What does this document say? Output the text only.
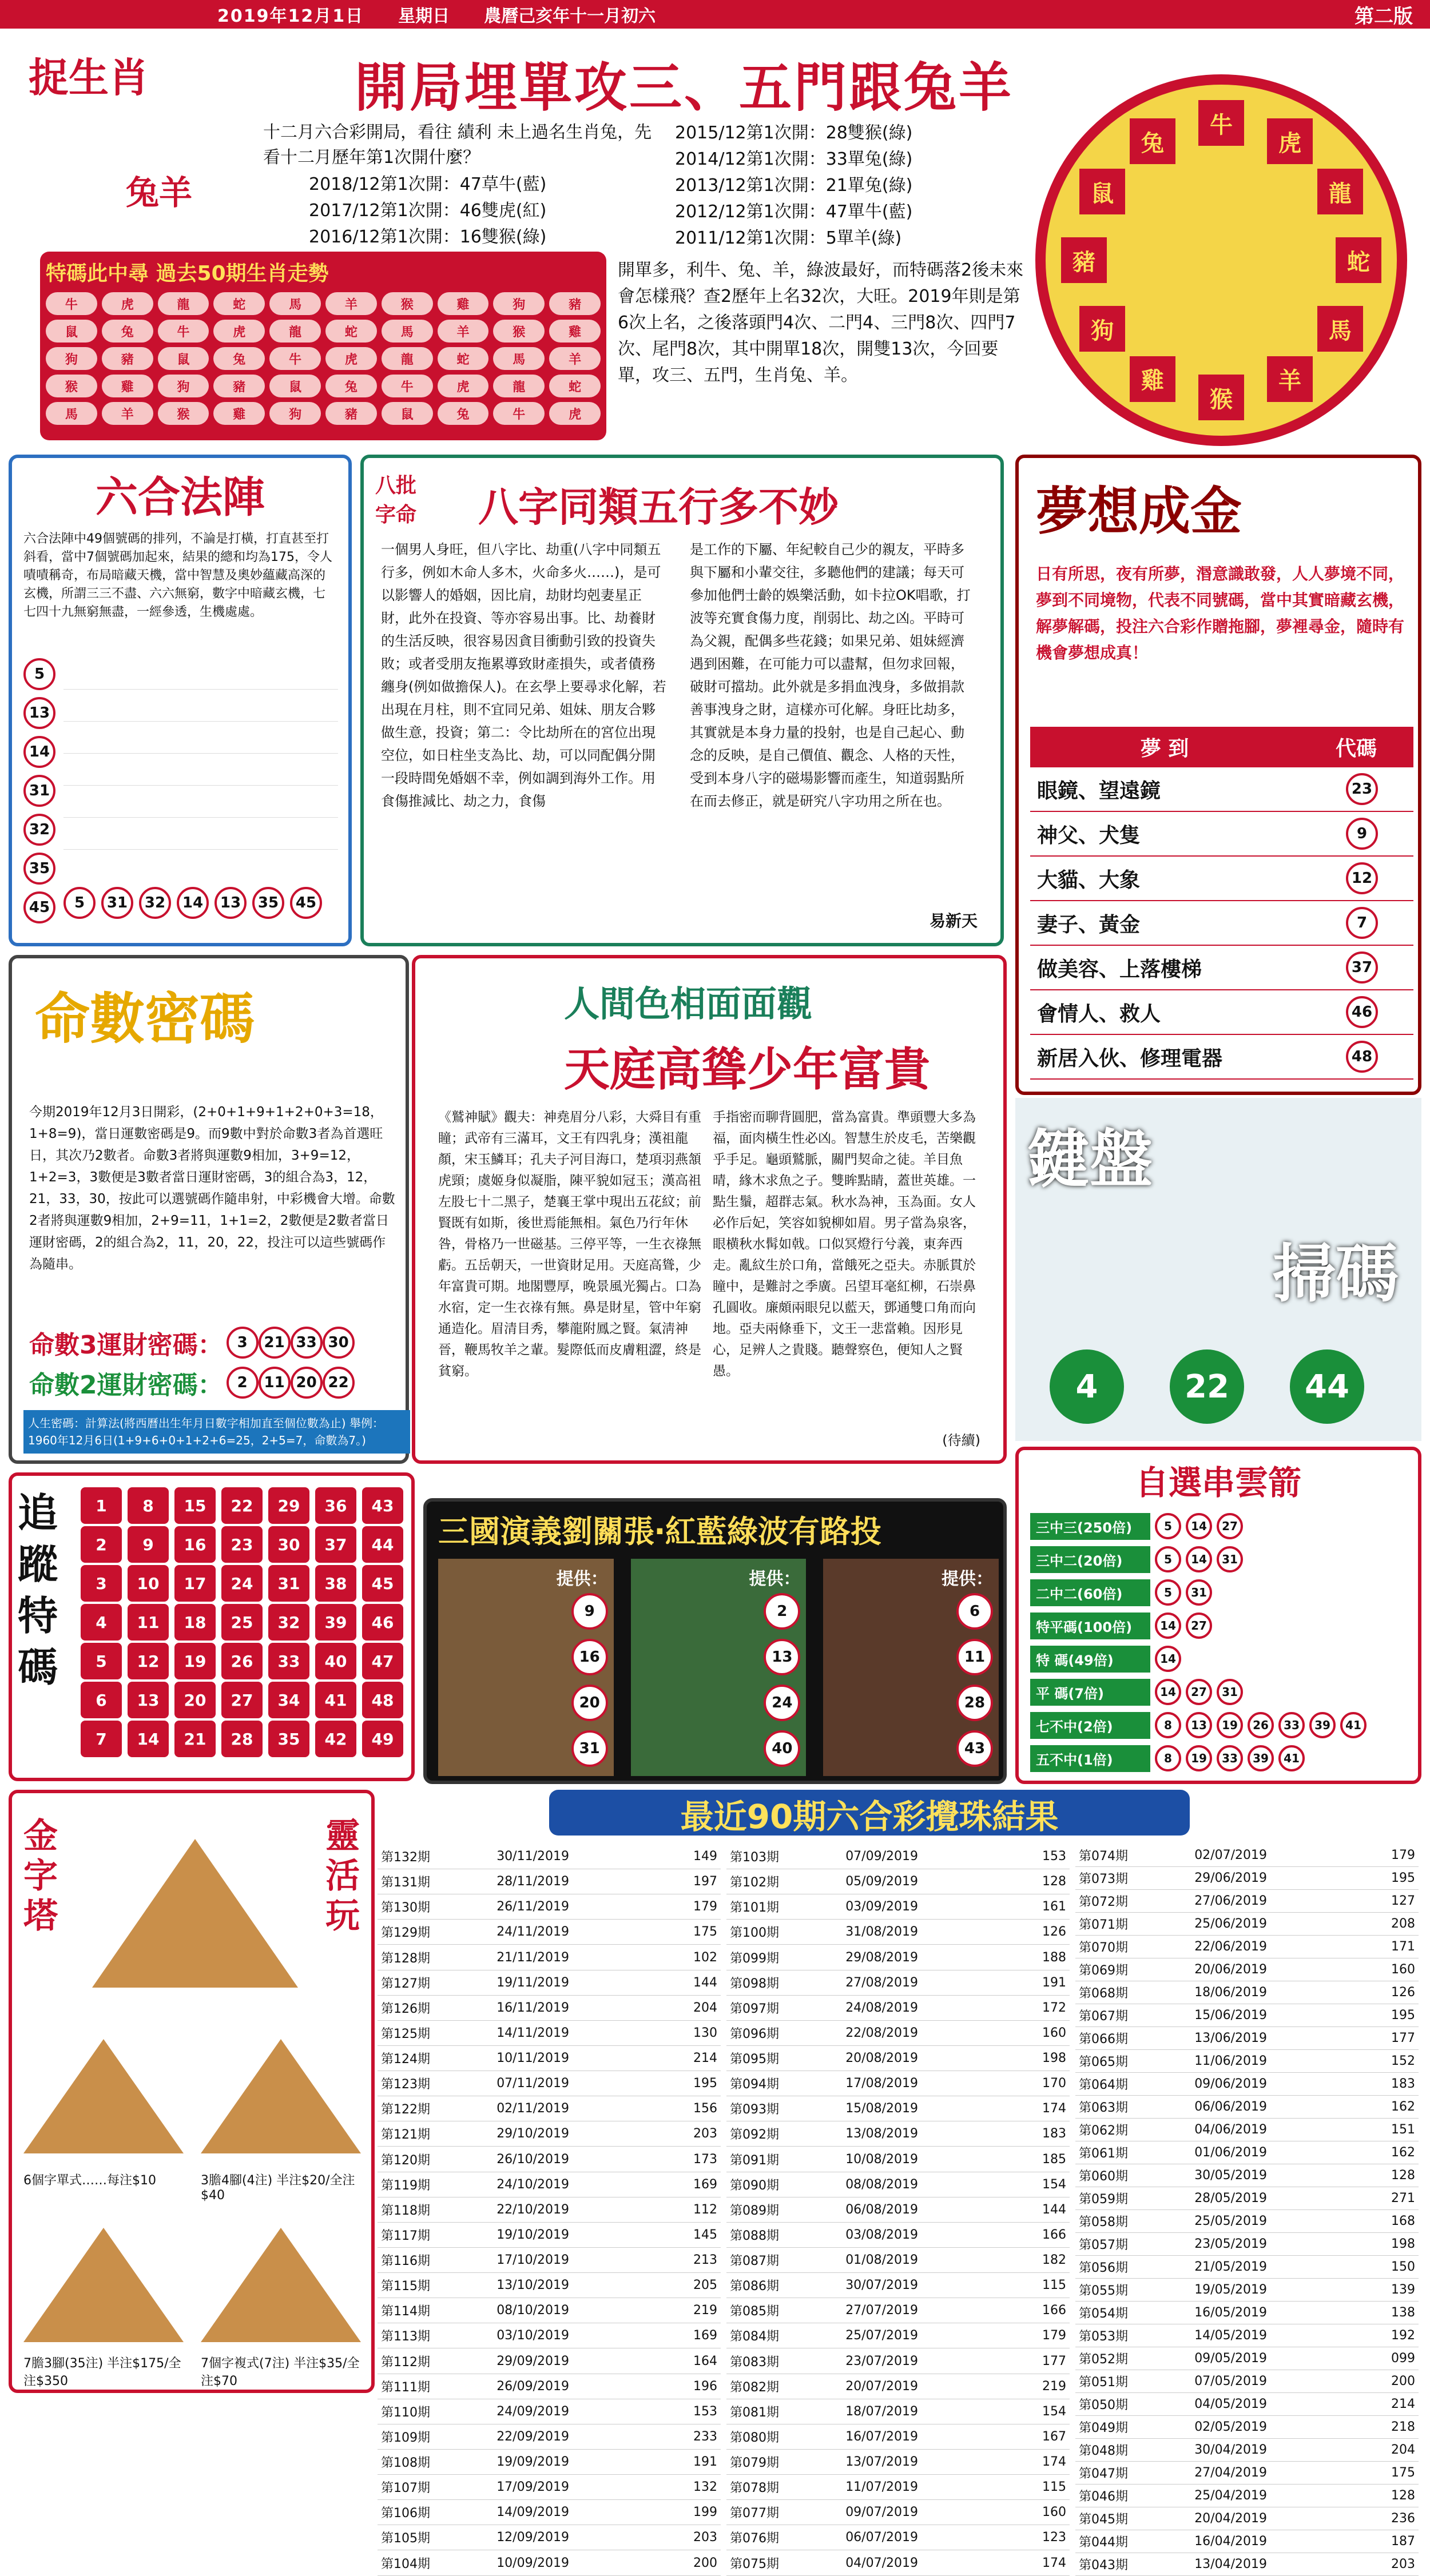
2019年12月1日 星期日 農曆己亥年十一月初六	第二版
捉生肖	開局埋單攻三、五門跟兔羊
兔羊
十二月六合彩開局，看往 績利 未上過名生肖兔，先看十二月歷年第1次開什麼？
2018/12第1次開：47草牛(藍)
2017/12第1次開：46雙虎(紅)
2016/12第1次開：16雙猴(綠)
2015/12第1次開：28雙猴(綠)
2014/12第1次開：33單兔(綠)
2013/12第1次開：21單兔(綠)
2012/12第1次開：47單牛(藍)
2011/12第1次開：5單羊(綠)
開單多，利牛、兔、羊，綠波最好，而特碼落2後未來會怎樣飛？查2歷年上名32次，大旺。2019年則是第6次上名，之後落頭門4次、二門4、三門8次、四門7次、尾門8次，其中開單18次，開雙13次，今回要單，攻三、五門，生肖兔、羊。
特碼此中尋 過去50期生肖走勢
牛	虎	龍	蛇	馬	羊	猴	雞	狗	豬
鼠	兔	牛	虎	龍	蛇	馬	羊	猴	雞
狗	豬	鼠	兔	牛	虎	龍	蛇	馬	羊
猴	雞	狗	豬	鼠	兔	牛	虎	龍	蛇
馬	羊	猴	雞	狗	豬	鼠	兔	牛	虎
牛
虎
龍
蛇
馬
羊
猴
雞
狗
豬
鼠
兔
六合法陣
六合法陣中49個號碼的排列，不論是打橫，打直甚至打斜看，當中7個號碼加起來，結果的總和均為175，令人嘖嘖稱奇，布局暗藏天機，當中智慧及奧妙蘊藏高深的玄機，所謂三三不盡、六六無窮，數字中暗藏玄機，七七四十九無窮無盡，一經參透，生機處處。
5
13
14
31
32
35
45	5	31	32	14	13	35	45
八批字命 八字同類五行多不妙
一個男人身旺，但八字比、劫重(八字中同類五行多，例如木命人多木，火命多火……)，是可以影響人的婚姻，因比肩，劫財均剋妻星正財，此外在投資、等亦容易出事。比、劫養財的生活反映，很容易因貪目衝動引致的投資失敗；或者受朋友拖累導致財產損失，或者債務纏身(例如做擔保人)。在玄學上要尋求化解，若出現在月柱，則不宜同兄弟、姐妹、朋友合夥做生意，投資；第二：令比劫所在的宮位出現空位，如日柱坐支為比、劫，可以同配偶分開一段時間免婚姻不幸，例如調到海外工作。用食傷推減比、劫之力，食傷
是工作的下屬、年紀較自己少的親友，平時多與下屬和小輩交往，多聽他們的建議；每天可參加他們士齡的娛樂活動，如卡拉OK唱歌，打波等充實食傷力度，削弱比、劫之凶。平時可為父親，配偶多些花錢；如果兄弟、姐妹經濟遇到困難，在可能力可以盡幫，但勿求回報，破財可擋劫。此外就是多捐血洩身，多做捐款善事洩身之財，這樣亦可化解。身旺比劫多，其實就是本身力量的投射，也是自己起心、動念的反映，是自己價值、觀念、人格的天性，受到本身八字的磁場影響而產生，知道弱點所在而去修正，就是研究八字功用之所在也。
易新天
夢想成金
日有所思，夜有所夢，湣意識敢發，人人夢境不同，夢到不同境物，代表不同號碼，當中其實暗藏玄機，解夢解碼，投注六合彩作贈拖腳，夢裡尋金，隨時有機會夢想成真！
夢 到	代碼
眼鏡、望遠鏡	23
神父、犬隻	9
大貓、大象	12
妻子、黃金	7
做美容、上落樓梯	37
會情人、救人	46
新居入伙、修理電器	48
命數密碼
今期2019年12月3日開彩，(2+0+1+9+1+2+0+3=18，1+8=9)，當日運數密碼是9。而9數中對於命數3者為首選旺日，其次乃2數者。命數3者將與運數9相加，3+9=12，1+2=3，3數便是3數者當日運財密碼，3的組合為3，12，21，33，30，按此可以選號碼作隨串射，中彩機會大增。命數2者將與運數9相加，2+9=11，1+1=2，2數便是2數者當日運財密碼，2的組合為2，11，20，22，投注可以這些號碼作為隨串。
命數3運財密碼： 3 21 33 30
命數2運財密碼： 2 11 20 22
人生密碼：計算法(將西曆出生年月日數字相加直至個位數為止) 舉例：1960年12月6日(1+9+6+0+1+2+6=25，2+5=7，命數為7。)
人間色相面面觀
天庭高聳少年富貴
《鷲神賦》觀夫：神堯眉分八彩，大舜目有重瞳；武帝有三滿耳，文王有四乳身；漢祖龍顏，宋玉鱗耳；孔夫子河目海口，楚項羽燕頷虎頸；虞姬身似凝脂，陳平貌如冠玉；漢高祖左股七十二黑子，楚襄王掌中現出五花紋；前賢既有如斯，後世焉能無相。氣色乃行年休咎，骨格乃一世磁基。三停平等，一生衣祿無虧。五岳朝天，一世資財足用。天庭高聳，少年富貴可期。地閣豐厚，晚景風光獨占。口為水宿，定一生衣祿有無。鼻是財星，管中年窮通造化。眉清目秀，攀龍附鳳之賢。氣淸神晉，鞭馬牧羊之輩。髮際低而皮膚粗澀，終是貧窮。
手指密而聊背圓肥，當為富貴。準頭豐大多為福，面肉橫生性必凶。智慧生於皮毛，苦樂觀乎手足。龜頭鷲脈，關門契命之徒。羊目魚晴，緣木求魚之子。雙眸點睛，蓋世英雄。一點生鬚，超群志氣。秋水為神，玉為面。女人必作后妃，笑容如貌柳如眉。男子當為泉客，眼横秋水髯如戟。口似冥燈行兮義，東奔西走。亂紋生於口角，當餓死之亞夫。赤脈貫於瞳中，是難討之季廣。呂望耳毫紅柳，石崇鼻孔圓收。廉頗兩眼兒以藍天，鄧通雙口角而向地。亞夫兩條垂下，文王一悲當賴。因形見心，足辨人之貴賤。聽聲察色，便知人之賢愚。
(待續)
鍵盤
掃碼
4	22	44
追蹤特碼
1	8	15	22	29	36	43
2	9	16	23	30	37	44
3	10	17	24	31	38	45
4	11	18	25	32	39	46
5	12	19	26	33	40	47
6	13	20	27	34	41	48
7	14	21	28	35	42	49
三國演義劉關張‧紅藍綠波有路投
提供：
9
16
20
31
提供：
2
13
24
40
提供：
6
11
28
43
自選串雲箭
三中三(250倍)	5	14	27
三中二(20倍)	5	14	31
二中二(60倍)	5	31
特平碼(100倍)	14	27
特 碼(49倍)	14
平 碼(7倍)	14	27	31
七不中(2倍)	8	13	19	26	33	39	41
五不中(1倍)	8	19	33	39	41
金字塔
靈活玩
6個字單式……每注$10	3膽4腳(4注) 半注$20/全注$40
7膽3腳(35注) 半注$175/全注$350
7個字複式(7注) 半注$35/全注$70
最近90期六合彩攪珠結果
第132期	30/11/2019	149
第131期	28/11/2019	197
第130期	26/11/2019	179
第129期	24/11/2019	175
第128期	21/11/2019	102
第127期	19/11/2019	144
第126期	16/11/2019	204
第125期	14/11/2019	130
第124期	10/11/2019	214
第123期	07/11/2019	195
第122期	02/11/2019	156
第121期	29/10/2019	203
第120期	26/10/2019	173
第119期	24/10/2019	169
第118期	22/10/2019	112
第117期	19/10/2019	145
第116期	17/10/2019	213
第115期	13/10/2019	205
第114期	08/10/2019	219
第113期	03/10/2019	169
第112期	29/09/2019	164
第111期	26/09/2019	196
第110期	24/09/2019	153
第109期	22/09/2019	233
第108期	19/09/2019	191
第107期	17/09/2019	132
第106期	14/09/2019	199
第105期	12/09/2019	203
第104期	10/09/2019	200
第103期	07/09/2019	153
第102期	05/09/2019	128
第101期	03/09/2019	161
第100期	31/08/2019	126
第099期	29/08/2019	188
第098期	27/08/2019	191
第097期	24/08/2019	172
第096期	22/08/2019	160
第095期	20/08/2019	198
第094期	17/08/2019	170
第093期	15/08/2019	174
第092期	13/08/2019	183
第091期	10/08/2019	185
第090期	08/08/2019	154
第089期	06/08/2019	144
第088期	03/08/2019	166
第087期	01/08/2019	182
第086期	30/07/2019	115
第085期	27/07/2019	166
第084期	25/07/2019	179
第083期	23/07/2019	177
第082期	20/07/2019	219
第081期	18/07/2019	154
第080期	16/07/2019	167
第079期	13/07/2019	174
第078期	11/07/2019	115
第077期	09/07/2019	160
第076期	06/07/2019	123
第075期	04/07/2019	174
第074期	02/07/2019	179
第073期	29/06/2019	195
第072期	27/06/2019	127
第071期	25/06/2019	208
第070期	22/06/2019	171
第069期	20/06/2019	160
第068期	18/06/2019	126
第067期	15/06/2019	195
第066期	13/06/2019	177
第065期	11/06/2019	152
第064期	09/06/2019	183
第063期	06/06/2019	162
第062期	04/06/2019	151
第061期	01/06/2019	162
第060期	30/05/2019	128
第059期	28/05/2019	271
第058期	25/05/2019	168
第057期	23/05/2019	198
第056期	21/05/2019	150
第055期	19/05/2019	139
第054期	16/05/2019	138
第053期	14/05/2019	192
第052期	09/05/2019	099
第051期	07/05/2019	200
第050期	04/05/2019	214
第049期	02/05/2019	218
第048期	30/04/2019	204
第047期	27/04/2019	175
第046期	25/04/2019	128
第045期	20/04/2019	236
第044期	16/04/2019	187
第043期	13/04/2019	203
